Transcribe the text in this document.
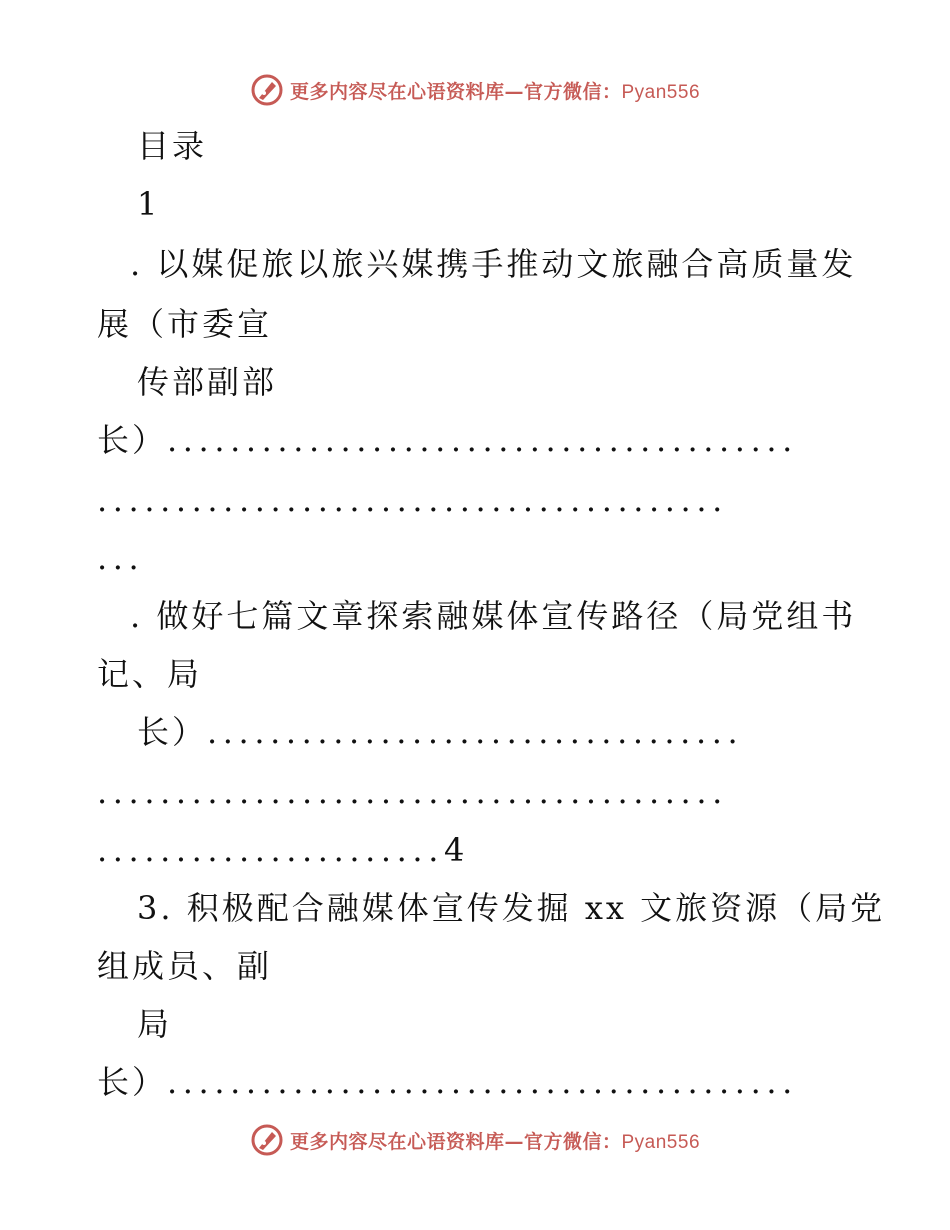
更多内容尽在心语资料库—官方微信：Pyan556
目录
1
. 以媒促旅以旅兴媒携手推动文旅融合高质量发
展（市委宣
传部副部
长）........................................
........................................
...
. 做好七篇文章探索融媒体宣传路径（局党组书
记、局
长）..................................
........................................
......................4
3. 积极配合融媒体宣传发掘 xx 文旅资源（局党
组成员、副
局
长）........................................
更多内容尽在心语资料库—官方微信：Pyan556
